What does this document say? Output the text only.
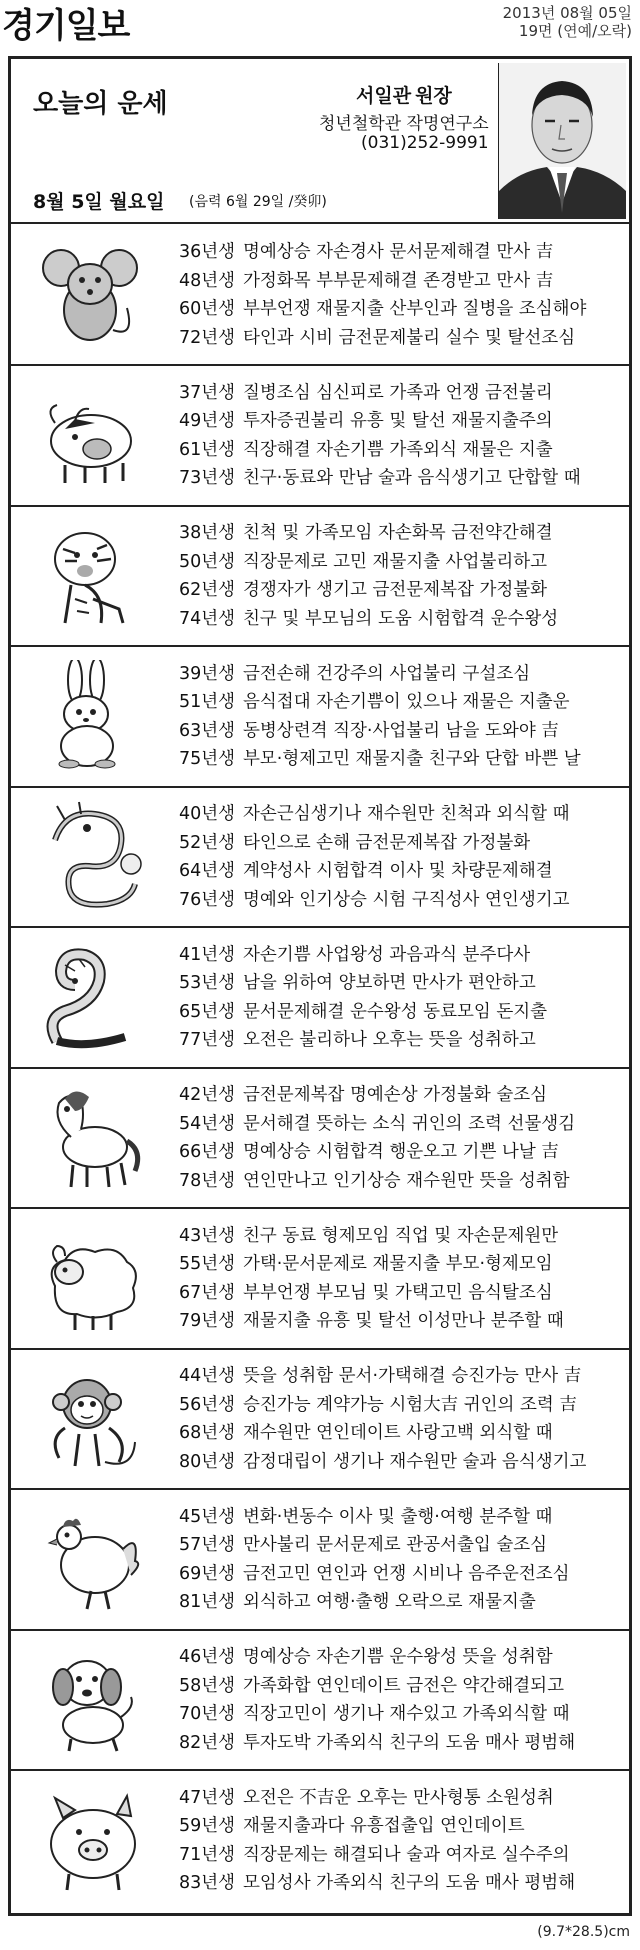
경기일보	2013년 08월 05일
19면 (연예/오락)
오늘의 운세	서일관 원장
청년철학관 작명연구소
(031)252-9991
8월 5일 월요일 (음력 6월 29일 /癸卯)
36년생 명예상승 자손경사 문서문제해결 만사 吉
48년생 가정화목 부부문제해결 존경받고 만사 吉
60년생 부부언쟁 재물지출 산부인과 질병을 조심해야
72년생 타인과 시비 금전문제불리 실수 및 탈선조심
37년생 질병조심 심신피로 가족과 언쟁 금전불리
49년생 투자증권불리 유흥 및 탈선 재물지출주의
61년생 직장해결 자손기쁨 가족외식 재물은 지출
73년생 친구·동료와 만남 술과 음식생기고 단합할 때
38년생 친척 및 가족모임 자손화목 금전약간해결
50년생 직장문제로 고민 재물지출 사업불리하고
62년생 경쟁자가 생기고 금전문제복잡 가정불화
74년생 친구 및 부모님의 도움 시험합격 운수왕성
39년생 금전손해 건강주의 사업불리 구설조심
51년생 음식접대 자손기쁨이 있으나 재물은 지출운
63년생 동병상련격 직장·사업불리 남을 도와야 吉
75년생 부모·형제고민 재물지출 친구와 단합 바쁜 날
40년생 자손근심생기나 재수원만 친척과 외식할 때
52년생 타인으로 손해 금전문제복잡 가정불화
64년생 계약성사 시험합격 이사 및 차량문제해결
76년생 명예와 인기상승 시험 구직성사 연인생기고
41년생 자손기쁨 사업왕성 과음과식 분주다사
53년생 남을 위하여 양보하면 만사가 편안하고
65년생 문서문제해결 운수왕성 동료모임 돈지출
77년생 오전은 불리하나 오후는 뜻을 성취하고
42년생 금전문제복잡 명예손상 가정불화 술조심
54년생 문서해결 뜻하는 소식 귀인의 조력 선물생김
66년생 명예상승 시험합격 행운오고 기쁜 나날 吉
78년생 연인만나고 인기상승 재수원만 뜻을 성취함
43년생 친구 동료 형제모임 직업 및 자손문제원만
55년생 가택·문서문제로 재물지출 부모·형제모임
67년생 부부언쟁 부모님 및 가택고민 음식탈조심
79년생 재물지출 유흥 및 탈선 이성만나 분주할 때
44년생 뜻을 성취함 문서·가택해결 승진가능 만사 吉
56년생 승진가능 계약가능 시험大吉 귀인의 조력 吉
68년생 재수원만 연인데이트 사랑고백 외식할 때
80년생 감정대립이 생기나 재수원만 술과 음식생기고
45년생 변화·변동수 이사 및 출행·여행 분주할 때
57년생 만사불리 문서문제로 관공서출입 술조심
69년생 금전고민 연인과 언쟁 시비나 음주운전조심
81년생 외식하고 여행·출행 오락으로 재물지출
46년생 명예상승 자손기쁨 운수왕성 뜻을 성취함
58년생 가족화합 연인데이트 금전은 약간해결되고
70년생 직장고민이 생기나 재수있고 가족외식할 때
82년생 투자도박 가족외식 친구의 도움 매사 평범해
47년생 오전은 不吉운 오후는 만사형통 소원성취
59년생 재물지출과다 유흥접출입 연인데이트
71년생 직장문제는 해결되나 술과 여자로 실수주의
83년생 모임성사 가족외식 친구의 도움 매사 평범해
(9.7*28.5)cm
